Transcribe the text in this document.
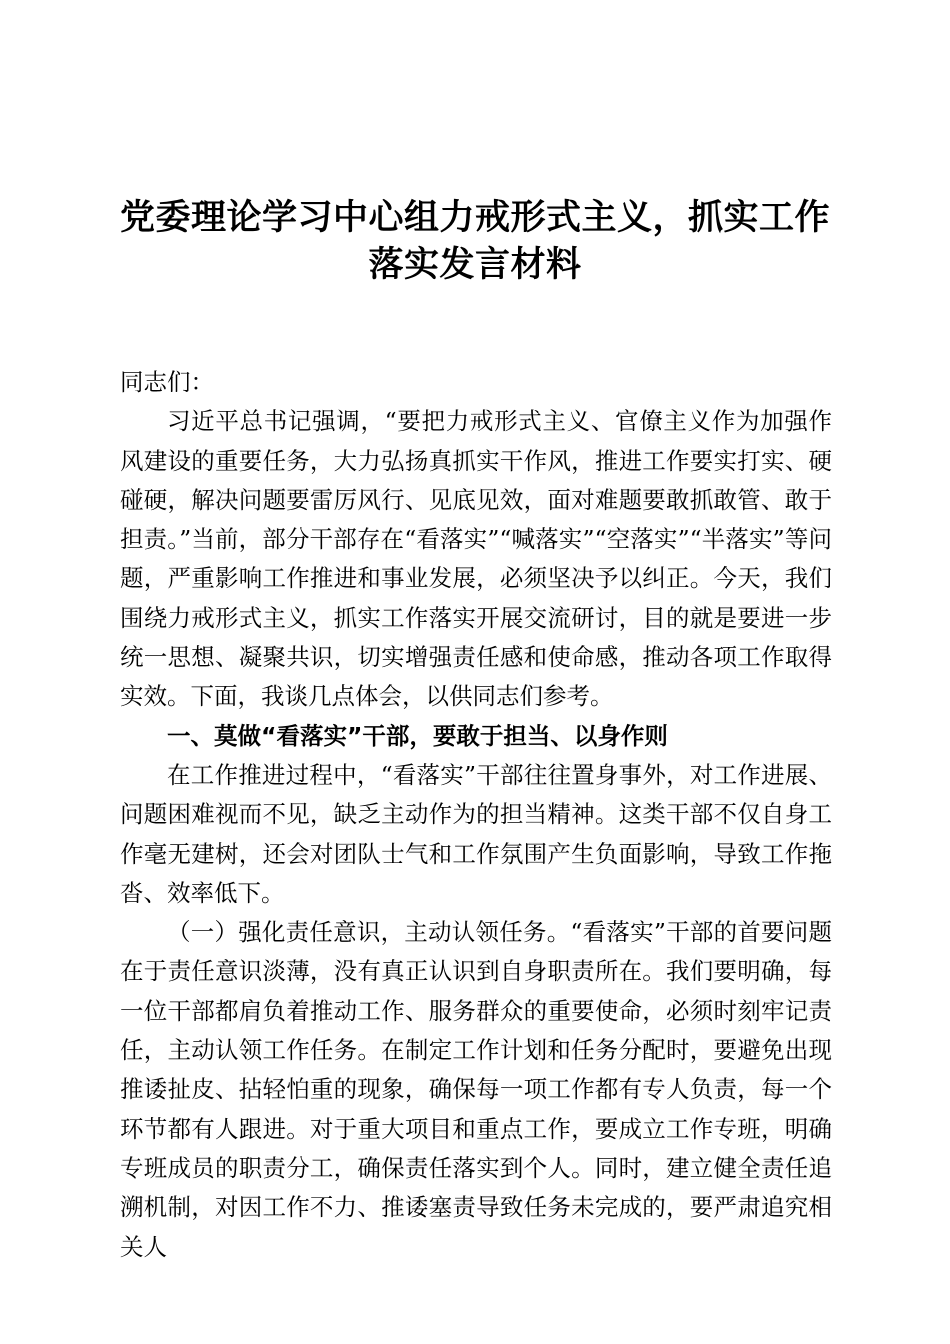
党委理论学习中心组力戒形式主义，抓实工作
落实发言材料

同志们：

习近平总书记强调，“要把力戒形式主义、官僚主义作为加强作风建设的重要任务，大力弘扬真抓实干作风，推进工作要实打实、硬碰硬，解决问题要雷厉风行、见底见效，面对难题要敢抓敢管、敢于担责。”当前，部分干部存在“看落实”“喊落实”“空落实”“半落实”等问题，严重影响工作推进和事业发展，必须坚决予以纠正。今天，我们围绕力戒形式主义，抓实工作落实开展交流研讨，目的就是要进一步统一思想、凝聚共识，切实增强责任感和使命感，推动各项工作取得实效。下面，我谈几点体会，以供同志们参考。

一、莫做“看落实”干部，要敢于担当、以身作则

在工作推进过程中，“看落实”干部往往置身事外，对工作进展、问题困难视而不见，缺乏主动作为的担当精神。这类干部不仅自身工作毫无建树，还会对团队士气和工作氛围产生负面影响，导致工作拖沓、效率低下。

（一）强化责任意识，主动认领任务。“看落实”干部的首要问题在于责任意识淡薄，没有真正认识到自身职责所在。我们要明确，每一位干部都肩负着推动工作、服务群众的重要使命，必须时刻牢记责任，主动认领工作任务。在制定工作计划和任务分配时，要避免出现推诿扯皮、拈轻怕重的现象，确保每一项工作都有专人负责，每一个环节都有人跟进。对于重大项目和重点工作，要成立工作专班，明确专班成员的职责分工，确保责任落实到个人。同时，建立健全责任追溯机制，对因工作不力、推诿塞责导致任务未完成的，要严肃追究相关人
